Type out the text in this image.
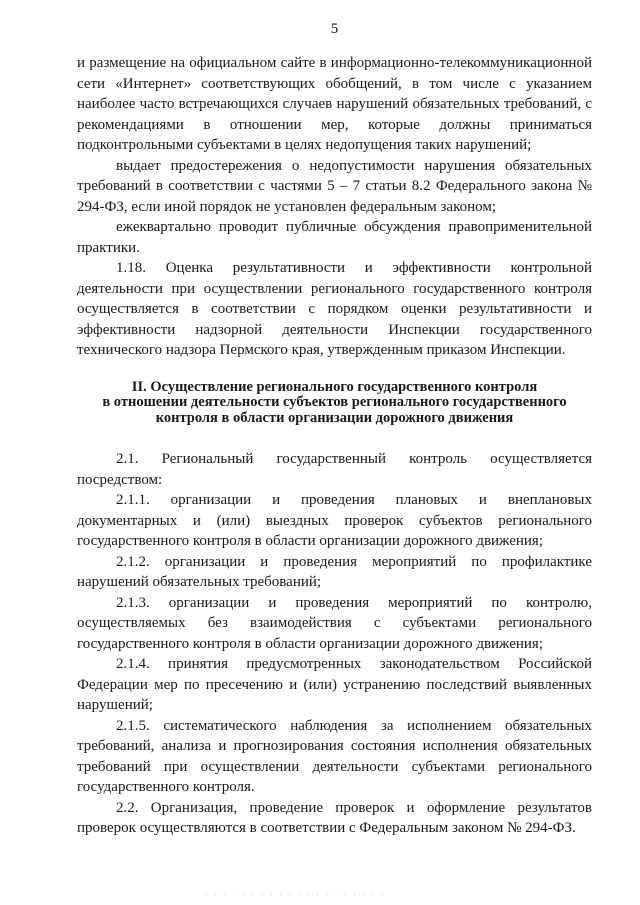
5

и размещение на официальном сайте в информационно-телекоммуникационной сети «Интернет» соответствующих обобщений, в том числе с указанием наиболее часто встречающихся случаев нарушений обязательных требований, с рекомендациями в отношении мер, которые должны приниматься подконтрольными субъектами в целях недопущения таких нарушений;

выдает предостережения о недопустимости нарушения обязательных требований в соответствии с частями 5 – 7 статьи 8.2 Федерального закона № 294-ФЗ, если иной порядок не установлен федеральным законом;

ежеквартально проводит публичные обсуждения правоприменительной практики.

1.18. Оценка результативности и эффективности контрольной деятельности при осуществлении регионального государственного контроля осуществляется в соответствии с порядком оценки результативности и эффективности надзорной деятельности Инспекции государственного технического надзора Пермского края, утвержденным приказом Инспекции.

II. Осуществление регионального государственного контроля
в отношении деятельности субъектов регионального государственного
контроля в области организации дорожного движения

2.1. Региональный государственный контроль осуществляется посредством:

2.1.1. организации и проведения плановых и внеплановых документарных и (или) выездных проверок субъектов регионального государственного контроля в области организации дорожного движения;

2.1.2. организации и проведения мероприятий по профилактике нарушений обязательных требований;

2.1.3. организации и проведения мероприятий по контролю, осуществляемых без взаимодействия с субъектами регионального государственного контроля в области организации дорожного движения;

2.1.4. принятия предусмотренных законодательством Российской Федерации мер по пресечению и (или) устранению последствий выявленных нарушений;

2.1.5. систематического наблюдения за исполнением обязательных требований, анализа и прогнозирования состояния исполнения обязательных требований при осуществлении деятельности субъектами регионального государственного контроля.

2.2. Организация, проведение проверок и оформление результатов проверок осуществляются в соответствии с Федеральным законом № 294-ФЗ.

· · · · · · · · · · · · · · · · · · · ·
